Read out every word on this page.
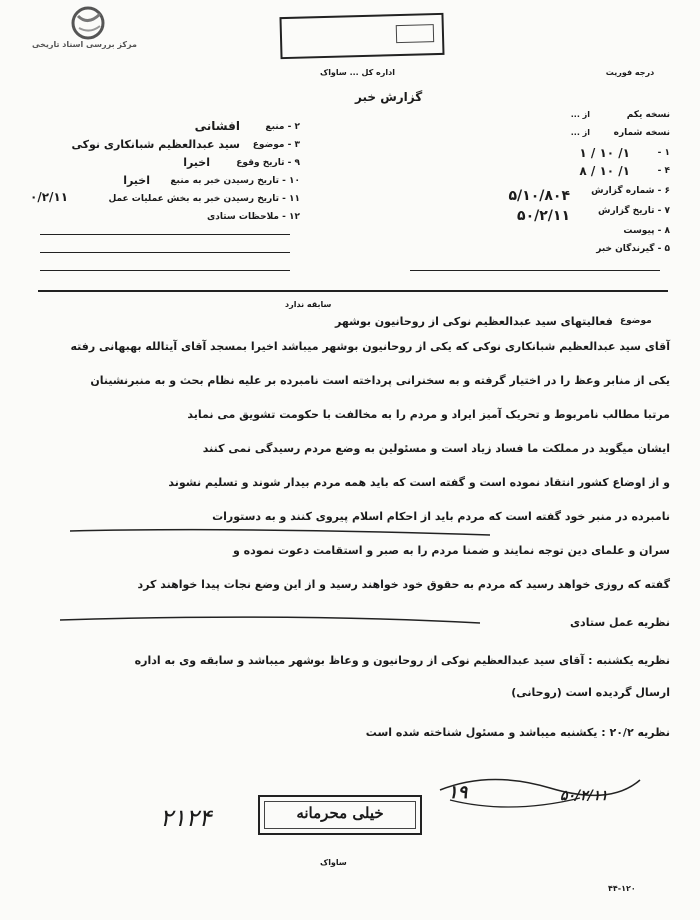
مرکز بررسی اسناد تاریخی
درجه فوریت
اداره کل ... ساواک
گزارش خبر
۲ - منبع
افشانی
۳ - موضوع
سید عبدالعظیم شبانکاری نوکی
۹ - تاریخ وقوع
اخیرا
۱۰ - تاریخ رسیدن خبر به منبع
اخیرا
۱۱ - تاریخ رسیدن خبر به بخش عملیات عمل
۰/۲/۱۱
۱۲ - ملاحظات ستادی
نسخه یکم
از ...
نسخه شماره
از ...
۱ -
۱/ ۱۰ / ۱
۴ -
۱/ ۱۰ / ۸
۶ - شماره گزارش
۵/۱۰/۸۰۴
۷ - تاریخ گزارش
۵۰/۲/۱۱
۸ - پیوست
۵ - گیرندگان خبر
موضوع
فعالیتهای سید عبدالعظیم نوکی از روحانیون بوشهر
سابقه ندارد
آقای سید عبدالعظیم شبانکاری نوکی که یکی از روحانیون بوشهر میباشد اخیرا بمسجد آقای آیتالله بهبهانی رفته
یکی از منابر وعظ را در اختیار گرفته و به سخنرانی پرداخته است نامبرده بر علیه نظام بحث و به منبرنشینان
مرتبا مطالب نامربوط و تحریک آمیز ایراد و مردم را به مخالفت با حکومت تشویق می نماید
ایشان میگوید در مملکت ما فساد زیاد است و مسئولین به وضع مردم رسیدگی نمی کنند
و از اوضاع کشور انتقاد نموده است و گفته است که باید همه مردم بیدار شوند و تسلیم نشوند
نامبرده در منبر خود گفته است که مردم باید از احکام اسلام پیروی کنند و به دستورات
سران و علمای دین توجه نمایند و ضمنا مردم را به صبر و استقامت دعوت نموده و
گفته که روزی خواهد رسید که مردم به حقوق خود خواهند رسید و از این وضع نجات پیدا خواهند کرد
نظریه عمل ستادی
نظریه یکشنبه : آقای سید عبدالعظیم نوکی از روحانیون و وعاظ بوشهر میباشد و سابقه وی به اداره
ارسال گردیده است (روحانی)
نظریه ۲۰/۲ : یکشنبه میباشد و مسئول شناخته شده است
۱۹	۵۰/۲/۱۱
۲۱۲۴	خیلی محرمانه
ساواک
۴۴-۱۲۰
